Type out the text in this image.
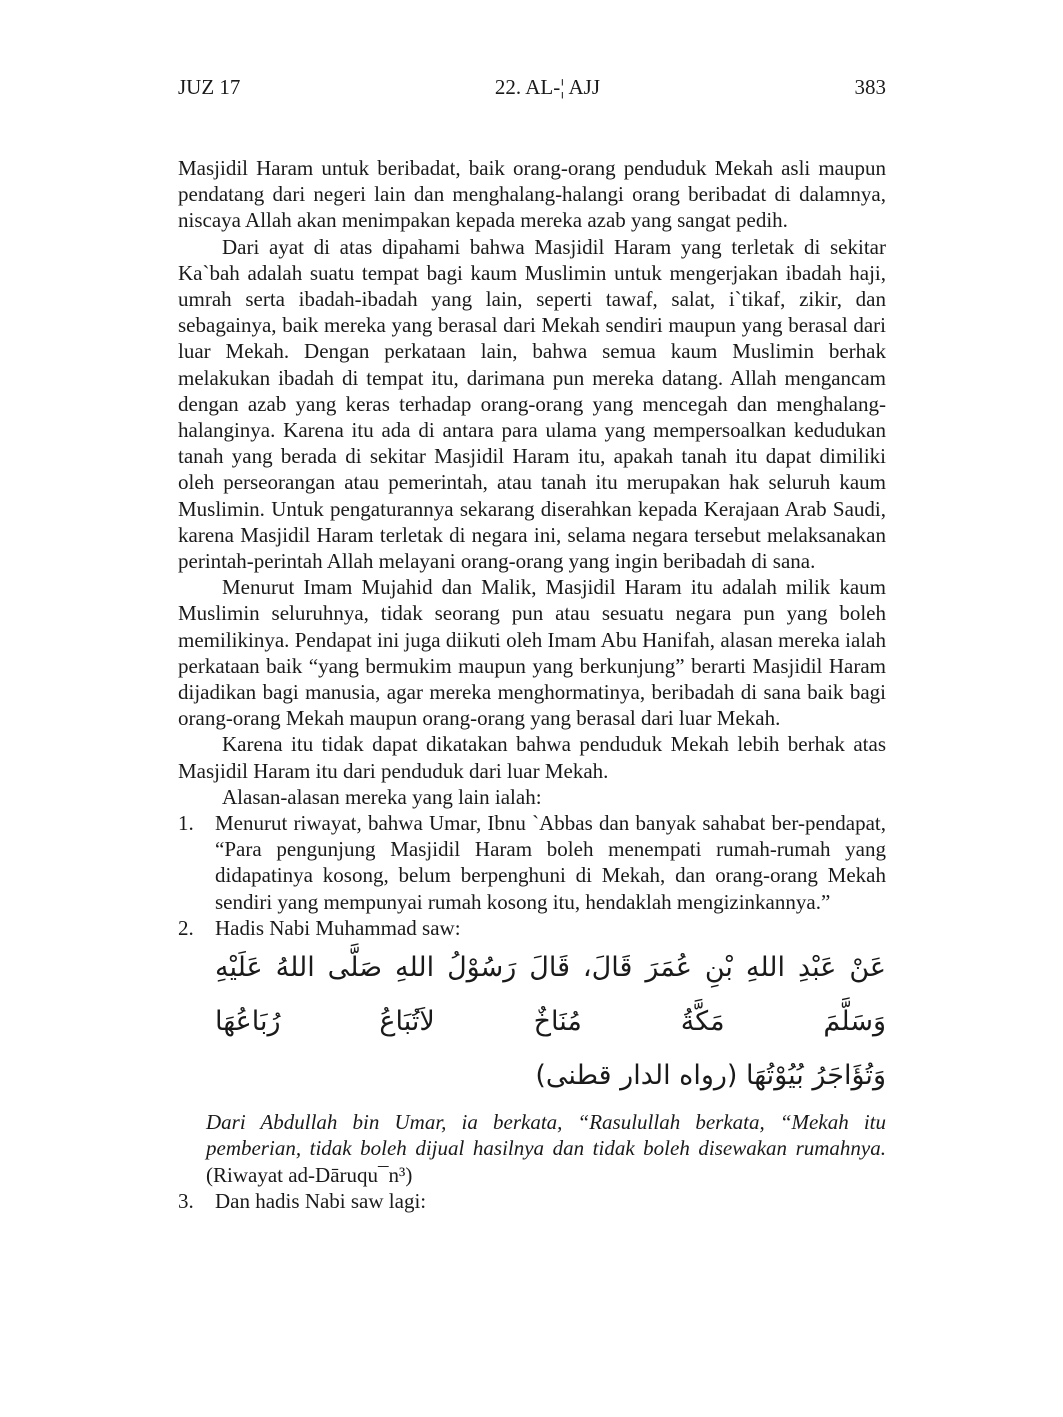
JUZ 17	22. AL-¦ AJJ	383

Masjidil Haram untuk beribadat, baik orang-orang penduduk Mekah asli maupun pendatang dari negeri lain dan menghalang-halangi orang beribadat di dalamnya, niscaya Allah akan menimpakan kepada mereka azab yang sangat pedih.

Dari ayat di atas dipahami bahwa Masjidil Haram yang terletak di sekitar Ka`bah adalah suatu tempat bagi kaum Muslimin untuk mengerjakan ibadah haji, umrah serta ibadah-ibadah yang lain, seperti tawaf, salat, i`tikaf, zikir, dan sebagainya, baik mereka yang berasal dari Mekah sendiri maupun yang berasal dari luar Mekah. Dengan perkataan lain, bahwa semua kaum Muslimin berhak melakukan ibadah di tempat itu, darimana pun mereka datang. Allah mengancam dengan azab yang keras terhadap orang-orang yang mencegah dan menghalang-halanginya. Karena itu ada di antara para ulama yang mempersoalkan kedudukan tanah yang berada di sekitar Masjidil Haram itu, apakah tanah itu dapat dimiliki oleh perseorangan atau pemerintah, atau tanah itu merupakan hak seluruh kaum Muslimin. Untuk pengaturannya sekarang diserahkan kepada Kerajaan Arab Saudi, karena Masjidil Haram terletak di negara ini, selama negara tersebut melaksanakan perintah-perintah Allah melayani orang-orang yang ingin beribadah di sana.

Menurut Imam Mujahid dan Malik, Masjidil Haram itu adalah milik kaum Muslimin seluruhnya, tidak seorang pun atau sesuatu negara pun yang boleh memilikinya. Pendapat ini juga diikuti oleh Imam Abu Hanifah, alasan mereka ialah perkataan baik “yang bermukim maupun yang berkunjung” berarti Masjidil Haram dijadikan bagi manusia, agar mereka menghormatinya, beribadah di sana baik bagi orang-orang Mekah maupun orang-orang yang berasal dari luar Mekah.

Karena itu tidak dapat dikatakan bahwa penduduk Mekah lebih berhak atas Masjidil Haram itu dari penduduk dari luar Mekah.

Alasan-alasan mereka yang lain ialah:

1. Menurut riwayat, bahwa Umar, Ibnu `Abbas dan banyak sahabat ber-pendapat, “Para pengunjung Masjidil Haram boleh menempati rumah-rumah yang didapatinya kosong, belum berpenghuni di Mekah, dan orang-orang Mekah sendiri yang mempunyai rumah kosong itu, hendaklah mengizinkannya.”
2. Hadis Nabi Muhammad saw:
عَنْ عَبْدِ اللهِ بْنِ عُمَرَ قَالَ، قَالَ رَسُوْلُ اللهِ صَلَّى اللهُ عَلَيْهِ وَسَلَّمَ مَكَّةُ مُنَاخٌ لاَتُبَاعُ رُبَاعُهَا
وَتُؤَاجَرُ بُيُوْتُهَا (رواه الدار قطنى)

Dari Abdullah bin Umar, ia berkata, “Rasulullah berkata, “Mekah itu pemberian, tidak boleh dijual hasilnya dan tidak boleh disewakan rumahnya. (Riwayat ad-Dāruqu¯n³)

3. Dan hadis Nabi saw lagi:
